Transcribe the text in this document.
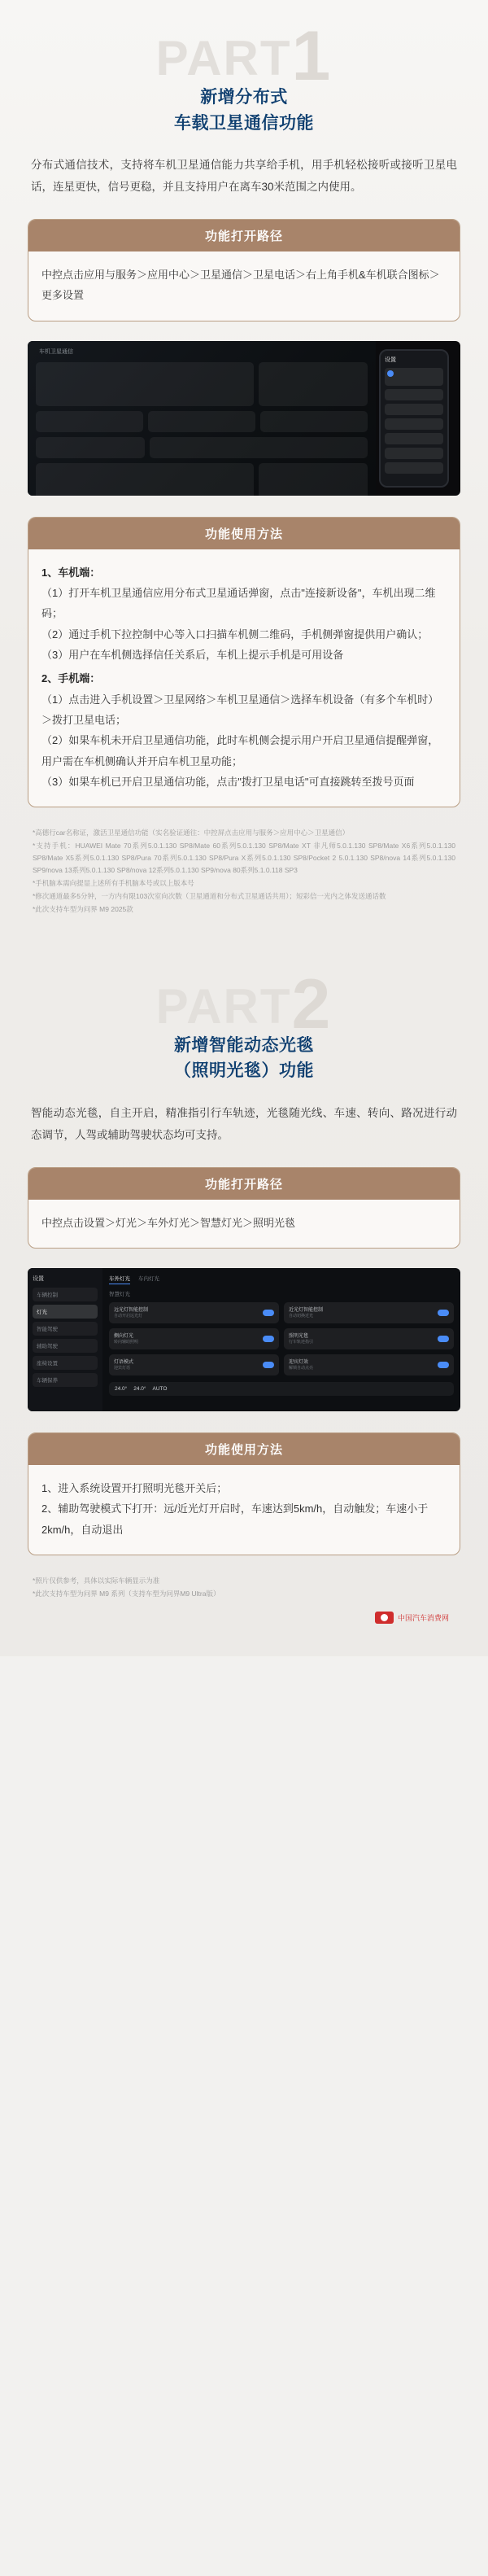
PART1
新增分布式
车载卫星通信功能
分布式通信技术，支持将车机卫星通信能力共享给手机，用手机轻松接听或接听卫星电话，连星更快，信号更稳，并且支持用户在离车30米范围之内使用。
功能打开路径
中控点击应用与服务＞应用中心＞卫星通信＞卫星电话＞右上角手机&车机联合图标＞更多设置
车机卫星通信
设置
功能使用方法
1、车机端：

（1）打开车机卫星通信应用分布式卫星通话弹窗，点击"连接新设备"，车机出现二维码；

（2）通过手机下拉控制中心等入口扫描车机侧二维码，手机侧弹窗提供用户确认；

（3）用户在车机侧选择信任关系后，车机上提示手机是可用设备

2、手机端：

（1）点击进入手机设置＞卫星网络＞车机卫星通信＞选择车机设备（有多个车机时）＞拨打卫星电话；

（2）如果车机未开启卫星通信功能，此时车机侧会提示用户开启卫星通信提醒弹窗，用户需在车机侧确认并开启车机卫星功能；

（3）如果车机已开启卫星通信功能，点击"拨打卫星电话"可直接跳转至拨号页面

*高德行car名称证，激活卫星通信功能（实名验证通往：中控屏点击应用与服务＞应用中心＞卫星通信）

*支持手机：HUAWEI Mate 70系列5.0.1.130 SP8/Mate 60系列5.0.1.130 SP8/Mate XT 非凡师5.0.1.130 SP8/Mate X6系列5.0.1.130 SP8/Mate X5系列5.0.1.130 SP8/Pura 70系列5.0.1.130 SP8/Pura X系列5.0.1.130 SP8/Pocket 2 5.0.1.130 SP8/nova 14系列5.0.1.130 SP9/nova 13系列5.0.1.130 SP8/nova 12系列5.0.1.130 SP9/nova 80系列5.1.0.118 SP3

*手机脑本需向提显上述所有手机脑本号或以上版本号

*修次通道最多5分钟，一方内有限103次室向次数（卫星通道和分布式卫星通话共用）；短彩信一光内之体发送通话数

*此次支持车型为问界 M9 2025款

PART2
新增智能动态光毯
（照明光毯）功能
智能动态光毯，自主开启，精准指引行车轨迹，光毯随光线、车速、转向、路况进行动态调节，人驾或辅助驾驶状态均可支持。
功能打开路径
中控点击设置＞灯光＞车外灯光＞智慧灯光＞照明光毯
设置
车辆控制
灯光
智能驾驶
辅助驾驶
座椅设置
车辆保养
车外灯光 车内灯光
智慧灯光
远光灯智能控制
自动开启远光灯
近光灯智能控制
自动切换近光
侧向灯光
转向辅助照明
照明光毯
行车轨迹指引
灯语模式
迎宾灯语
迎宾灯效
解锁自动点亮
24.0° 24.0° AUTO
功能使用方法

1、进入系统设置开打照明光毯开关后；

2、辅助驾驶模式下打开：远/近光灯开启时，车速达到5km/h，自动触发；车速小于2km/h，自动退出

*照片仅供参考，具体以实际车辆显示为准

*此次支持车型为问界 M9 系列（支持车型为问界M9 Ultra版）

中国汽车消费网
